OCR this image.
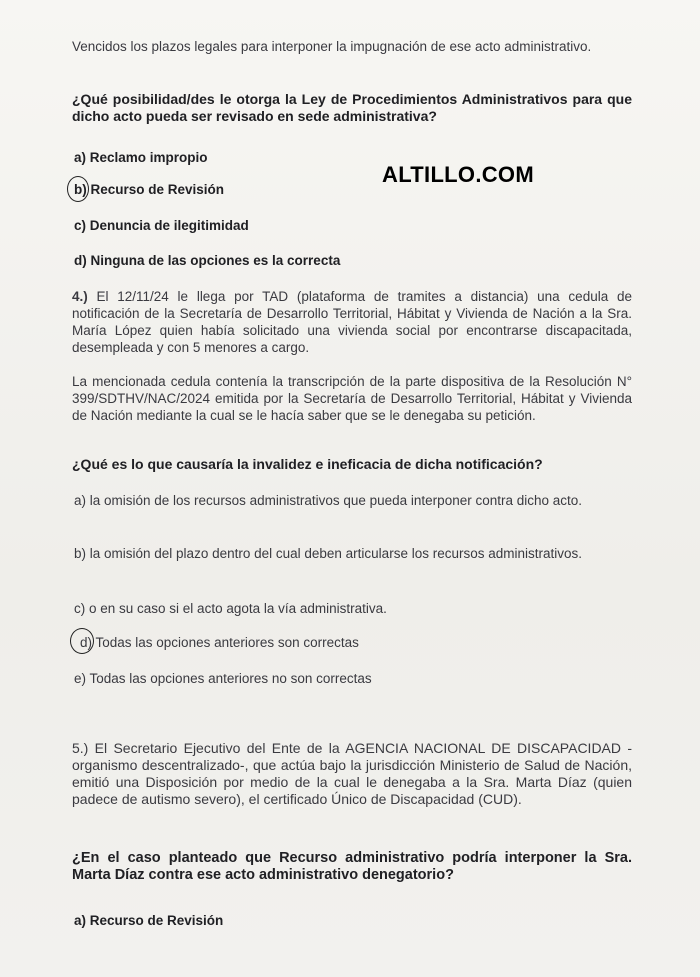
Vencidos los plazos legales para interponer la impugnación de ese acto administrativo.
¿Qué posibilidad/des le otorga la Ley de Procedimientos Administrativos para que dicho acto pueda ser revisado en sede administrativa?
a) Reclamo impropio
b) Recurso de Revisión
c) Denuncia de ilegitimidad
d) Ninguna de las opciones es la correcta
ALTILLO.COM
4.) El 12/11/24 le llega por TAD (plataforma de tramites a distancia) una cedula de notificación de la Secretaría de Desarrollo Territorial, Hábitat y Vivienda de Nación a la Sra. María López quien había solicitado una vivienda social por encontrarse discapacitada, desempleada y con 5 menores a cargo.
La mencionada cedula contenía la transcripción de la parte dispositiva de la Resolución N° 399/SDTHV/NAC/2024 emitida por la Secretaría de Desarrollo Territorial, Hábitat y Vivienda de Nación mediante la cual se le hacía saber que se le denegaba su petición.
¿Qué es lo que causaría la invalidez e ineficacia de dicha notificación?
a) la omisión de los recursos administrativos que pueda interponer contra dicho acto.
b) la omisión del plazo dentro del cual deben articularse los recursos administrativos.
c) o en su caso si el acto agota la vía administrativa.
d) Todas las opciones anteriores son correctas
e) Todas las opciones anteriores no son correctas
5.) El Secretario Ejecutivo del Ente de la AGENCIA NACIONAL DE DISCAPACIDAD -organismo descentralizado-, que actúa bajo la jurisdicción Ministerio de Salud de Nación, emitió una Disposición por medio de la cual le denegaba a la Sra. Marta Díaz (quien padece de autismo severo), el certificado Único de Discapacidad (CUD).
¿En el caso planteado que Recurso administrativo podría interponer la Sra. Marta Díaz contra ese acto administrativo denegatorio?
a) Recurso de Revisión
